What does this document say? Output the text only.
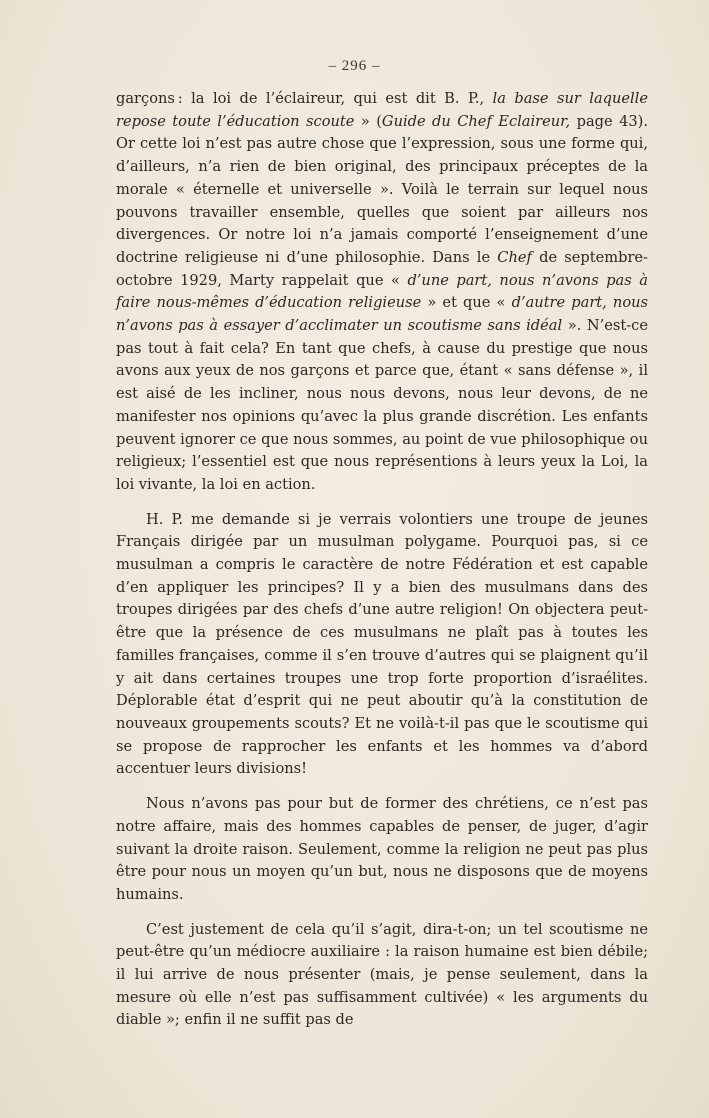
– 296 –

garçons : la loi de l’éclaireur, qui est dit B. P., la base sur laquelle repose toute l’éducation scoute » (Guide du Chef Eclaireur, page 43). Or cette loi n’est pas autre chose que l’expression, sous une forme qui, d’ailleurs, n’a rien de bien original, des principaux préceptes de la morale « éternelle et universelle ». Voilà le terrain sur lequel nous pouvons travailler ensemble, quelles que soient par ailleurs nos divergences. Or notre loi n’a jamais comporté l’enseignement d’une doctrine religieuse ni d’une philosophie. Dans le Chef de septembre-octobre 1929, Marty rappelait que « d’une part, nous n’avons pas à faire nous-mêmes d’éducation religieuse » et que « d’autre part, nous n’avons pas à essayer d’acclimater un scoutisme sans idéal ». N’est-ce pas tout à fait cela? En tant que chefs, à cause du prestige que nous avons aux yeux de nos garçons et parce que, étant « sans défense », il est aisé de les incliner, nous nous devons, nous leur devons, de ne manifester nos opinions qu’avec la plus grande discrétion. Les enfants peuvent ignorer ce que nous sommes, au point de vue philosophique ou religieux; l’essentiel est que nous représentions à leurs yeux la Loi, la loi vivante, la loi en action.

H. P. me demande si je verrais volontiers une troupe de jeunes Français dirigée par un musulman polygame. Pourquoi pas, si ce musulman a compris le caractère de notre Fédération et est capable d’en appliquer les principes? Il y a bien des musulmans dans des troupes dirigées par des chefs d’une autre religion! On objectera peut-être que la présence de ces musulmans ne plaît pas à toutes les familles françaises, comme il s’en trouve d’autres qui se plaignent qu’il y ait dans certaines troupes une trop forte proportion d’israélites. Déplorable état d’esprit qui ne peut aboutir qu’à la constitution de nouveaux groupements scouts? Et ne voilà-t-il pas que le scoutisme qui se propose de rapprocher les enfants et les hommes va d’abord accentuer leurs divisions!

Nous n’avons pas pour but de former des chrétiens, ce n’est pas notre affaire, mais des hommes capables de penser, de juger, d’agir suivant la droite raison. Seulement, comme la religion ne peut pas plus être pour nous un moyen qu’un but, nous ne disposons que de moyens humains.

C’est justement de cela qu’il s’agit, dira-t-on; un tel scoutisme ne peut-être qu’un médiocre auxiliaire : la raison humaine est bien débile; il lui arrive de nous présenter (mais, je pense seulement, dans la mesure où elle n’est pas suffisamment cultivée) « les arguments du diable »; enfin il ne suffit pas de
